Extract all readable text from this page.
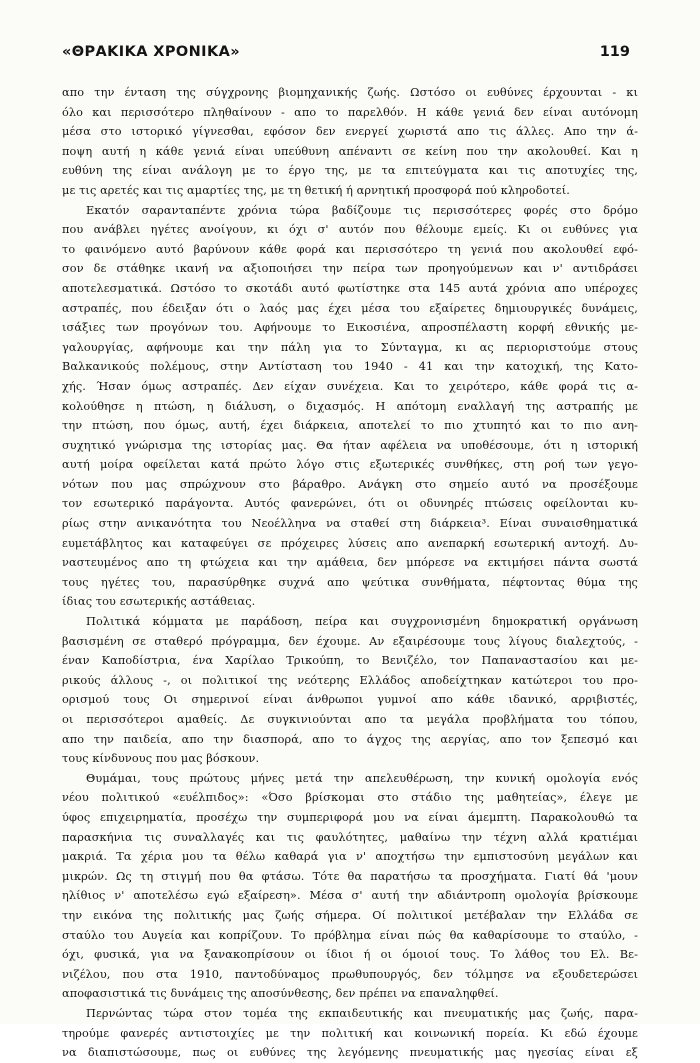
«ΘΡΑΚΙΚΑ ΧΡΟΝΙΚΑ»	119
απο την ένταση της σύγχρονης βιομηχανικής ζωής. Ωστόσο οι ευθύνες έρχουνται - κι
όλο και περισσότερο πληθαίνουν - απο το παρελθόν. Η κάθε γενιά δεν είναι αυτόνομη
μέσα στο ιστορικό γίγνεσθαι, εφόσον δεν ενεργεί χωριστά απο τις άλλες. Απο την ά-
ποψη αυτή η κάθε γενιά είναι υπεύθυνη απέναντι σε κείνη που την ακολουθεί. Και η
ευθύνη της είναι ανάλογη με το έργο της, με τα επιτεύγματα και τις αποτυχίες της,
με τις αρετές και τις αμαρτίες της, με τη θετική ή αρνητική προσφορά πού κληροδοτεί.
Εκατόν σαρανταπέντε χρόνια τώρα βαδίζουμε τις περισσότερες φορές στο δρόμο
που ανάβλει ηγέτες ανοίγουν, κι όχι σ' αυτόν που θέλουμε εμείς. Κι οι ευθύνες για
το φαινόμενο αυτό βαρύνουν κάθε φορά και περισσότερο τη γενιά που ακολουθεί εφό-
σον δε στάθηκε ικανή να αξιοποιήσει την πείρα των προηγούμενων και ν' αντιδράσει
αποτελεσματικά. Ωστόσο το σκοτάδι αυτό φωτίστηκε στα 145 αυτά χρόνια απο υπέροχες
αστραπές, που έδειξαν ότι ο λαός μας έχει μέσα του εξαίρετες δημιουργικές δυνάμεις,
ισάξιες των προγόνων του. Αφήνουμε το Εικοσιένα, απροσπέλαστη κορφή εθνικής με-
γαλουργίας, αφήνουμε και την πάλη για το Σύνταγμα, κι ας περιοριστούμε στους
Βαλκανικούς πολέμους, στην Αντίσταση του 1940 - 41 και την κατοχική, της Κατο-
χής. Ήσαν όμως αστραπές. Δεν είχαν συνέχεια. Και το χειρότερο, κάθε φορά τις α-
κολούθησε η πτώση, η διάλυση, ο διχασμός. Η απότομη εναλλαγή της αστραπής με
την πτώση, που όμως, αυτή, έχει διάρκεια, αποτελεί το πιο χτυπητό και το πιο ανη-
συχητικό γνώρισμα της ιστορίας μας. Θα ήταν αφέλεια να υποθέσουμε, ότι η ιστορική
αυτή μοίρα οφείλεται κατά πρώτο λόγο στις εξωτερικές συνθήκες, στη ροή των γεγο-
νότων που μας σπρώχνουν στο βάραθρο. Ανάγκη στο σημείο αυτό να προσέξουμε
τον εσωτερικό παράγοντα. Αυτός φανερώνει, ότι οι οδυνηρές πτώσεις οφείλονται κυ-
ρίως στην ανικανότητα του Νεοέλληνα να σταθεί στη διάρκεια³. Είναι συναισθηματικά
ευμετάβλητος και καταφεύγει σε πρόχειρες λύσεις απο ανεπαρκή εσωτερική αντοχή. Δυ-
ναστευμένος απο τη φτώχεια και την αμάθεια, δεν μπόρεσε να εκτιμήσει πάντα σωστά
τους ηγέτες του, παρασύρθηκε συχνά απο ψεύτικα συνθήματα, πέφτοντας θύμα της
ίδιας του εσωτερικής αστάθειας.
Πολιτικά κόμματα με παράδοση, πείρα και συγχρονισμένη δημοκρατική οργάνωση
βασισμένη σε σταθερό πρόγραμμα, δεν έχουμε. Αν εξαιρέσουμε τους λίγους διαλεχτούς, -
έναν Καποδίστρια, ένα Χαρίλαο Τρικούπη, το Βενιζέλο, τον Παπαναστασίου και με-
ρικούς άλλους -, οι πολιτικοί της νεότερης Ελλάδος αποδείχτηκαν κατώτεροι του προ-
ορισμού τους Οι σημερινοί είναι άνθρωποι γυμνοί απο κάθε ιδανικό, αρριβιστές,
οι περισσότεροι αμαθείς. Δε συγκινιούνται απο τα μεγάλα προβλήματα του τόπου,
απο την παιδεία, απο την διασπορά, απο το άγχος της αεργίας, απο τον ξεπεσμό και
τους κίνδυνους που μας βόσκουν.
Θυμάμαι, τους πρώτους μήνες μετά την απελευθέρωση, την κυνική ομολογία ενός
νέου πολιτικού «ευέλπιδος»: «Όσο βρίσκομαι στο στάδιο της μαθητείας», έλεγε με
ύφος επιχειρηματία, προσέχω την συμπεριφορά μου να είναι άμεμπτη. Παρακολουθώ τα
παρασκήνια τις συναλλαγές και τις φαυλότητες, μαθαίνω την τέχνη αλλά κρατιέμαι
μακριά. Τα χέρια μου τα θέλω καθαρά για ν' αποχτήσω την εμπιστοσύνη μεγάλων και
μικρών. Ως τη στιγμή που θα φτάσω. Τότε θα παρατήσω τα προσχήματα. Γιατί θά 'μουν
ηλίθιος ν' αποτελέσω εγώ εξαίρεση». Μέσα σ' αυτή την αδιάντροπη ομολογία βρίσκουμε
την εικόνα της πολιτικής μας ζωής σήμερα. Οί πολιτικοί μετέβαλαν την Ελλάδα σε
σταύλο του Αυγεία και κοπρίζουν. Το πρόβλημα είναι πώς θα καθαρίσουμε το σταύλο, -
όχι, φυσικά, για να ξανακοπρίσουν οι ίδιοι ή οι όμοιοί τους. Το λάθος του Ελ. Βε-
νιζέλου, που στα 1910, παντοδύναμος πρωθυπουργός, δεν τόλμησε να εξουδετερώσει
αποφασιστικά τις δυνάμεις της αποσύνθεσης, δεν πρέπει να επαναληφθεί.
Περνώντας τώρα στον τομέα της εκπαιδευτικής και πνευματικής μας ζωής, παρα-
τηρούμε φανερές αντιστοιχίες με την πολιτική και κοινωνική πορεία. Κι εδώ έχουμε
να διαπιστώσουμε, πως οι ευθύνες της λεγόμενης πνευματικής μας ηγεσίας είναι εξ
